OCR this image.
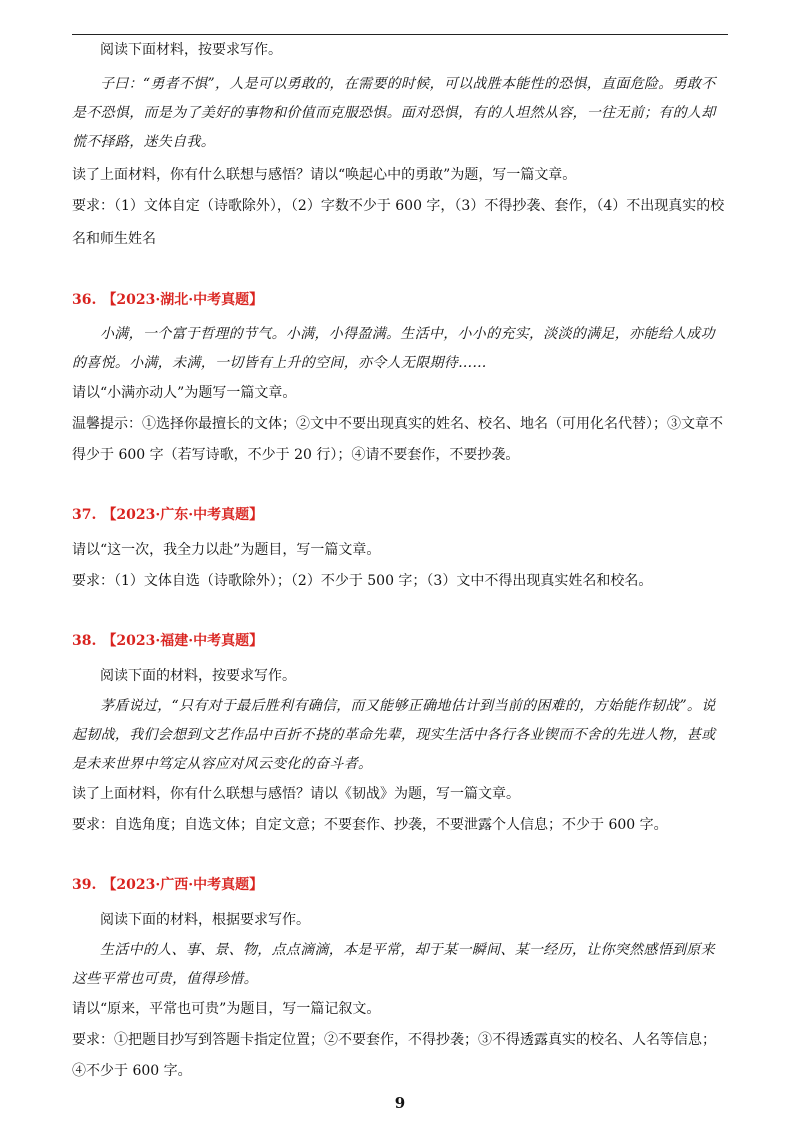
阅读下面材料，按要求写作。

子曰：“勇者不惧”，人是可以勇敢的，在需要的时候，可以战胜本能性的恐惧，直面危险。勇敢不是不恐惧，而是为了美好的事物和价值而克服恐惧。面对恐惧，有的人坦然从容，一往无前；有的人却慌不择路，迷失自我。

读了上面材料，你有什么联想与感悟？请以“唤起心中的勇敢”为题，写一篇文章。

要求：（1）文体自定（诗歌除外），（2）字数不少于 600 字，（3）不得抄袭、套作，（4）不出现真实的校名和师生姓名

36. 【2023·湖北·中考真题】

小满，一个富于哲理的节气。小满，小得盈满。生活中，小小的充实，淡淡的满足，亦能给人成功的喜悦。小满，未满，一切皆有上升的空间，亦令人无限期待……

请以“小满亦动人”为题写一篇文章。

温馨提示：①选择你最擅长的文体；②文中不要出现真实的姓名、校名、地名（可用化名代替）；③文章不得少于 600 字（若写诗歌，不少于 20 行）；④请不要套作，不要抄袭。

37. 【2023·广东·中考真题】

请以“这一次，我全力以赴”为题目，写一篇文章。

要求：（1）文体自选（诗歌除外）；（2）不少于 500 字；（3）文中不得出现真实姓名和校名。

38. 【2023·福建·中考真题】

阅读下面的材料，按要求写作。

茅盾说过，“只有对于最后胜利有确信，而又能够正确地估计到当前的困难的，方始能作韧战”。说起韧战，我们会想到文艺作品中百折不挠的革命先辈，现实生活中各行各业锲而不舍的先进人物，甚或是未来世界中笃定从容应对风云变化的奋斗者。

读了上面材料，你有什么联想与感悟？请以《韧战》为题，写一篇文章。

要求：自选角度；自选文体；自定文意；不要套作、抄袭，不要泄露个人信息；不少于 600 字。

39. 【2023·广西·中考真题】

阅读下面的材料，根据要求写作。

生活中的人、事、景、物，点点滴滴，本是平常，却于某一瞬间、某一经历，让你突然感悟到原来这些平常也可贵，值得珍惜。

请以“原来，平常也可贵”为题目，写一篇记叙文。

要求：①把题目抄写到答题卡指定位置；②不要套作，不得抄袭；③不得透露真实的校名、人名等信息；④不少于 600 字。

9
